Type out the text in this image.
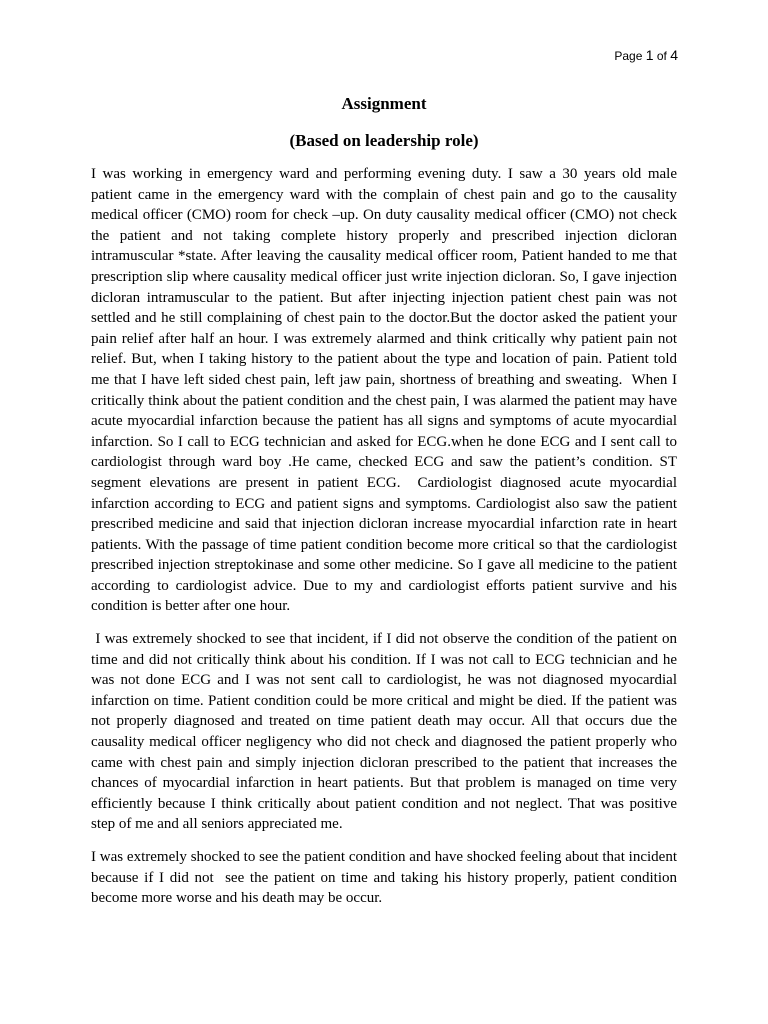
Page 1 of 4
Assignment
(Based on leadership role)

I was working in emergency ward and performing evening duty. I saw a 30 years old male patient came in the emergency ward with the complain of chest pain and go to the causality medical officer (CMO) room for check –up. On duty causality medical officer (CMO) not check the patient and not taking complete history properly and prescribed injection dicloran intramuscular *state. After leaving the causality medical officer room, Patient handed to me that prescription slip where causality medical officer just write injection dicloran. So, I gave injection dicloran intramuscular to the patient. But after injecting injection patient chest pain was not settled and he still complaining of chest pain to the doctor.But the doctor asked the patient your pain relief after half an hour. I was extremely alarmed and think critically why patient pain not relief. But, when I taking history to the patient about the type and location of pain. Patient told me that I have left sided chest pain, left jaw pain, shortness of breathing and sweating.  When I critically think about the patient condition and the chest pain, I was alarmed the patient may have acute myocardial infarction because the patient has all signs and symptoms of acute myocardial infarction. So I call to ECG technician and asked for ECG.when he done ECG and I sent call to cardiologist through ward boy .He came, checked ECG and saw the patient’s condition. ST segment elevations are present in patient ECG.  Cardiologist diagnosed acute myocardial infarction according to ECG and patient signs and symptoms. Cardiologist also saw the patient prescribed medicine and said that injection dicloran increase myocardial infarction rate in heart patients. With the passage of time patient condition become more critical so that the cardiologist prescribed injection streptokinase and some other medicine. So I gave all medicine to the patient according to cardiologist advice. Due to my and cardiologist efforts patient survive and his condition is better after one hour.

I was extremely shocked to see that incident, if I did not observe the condition of the patient on time and did not critically think about his condition. If I was not call to ECG technician and he was not done ECG and I was not sent call to cardiologist, he was not diagnosed myocardial infarction on time. Patient condition could be more critical and might be died. If the patient was not properly diagnosed and treated on time patient death may occur. All that occurs due the causality medical officer negligency who did not check and diagnosed the patient properly who came with chest pain and simply injection dicloran prescribed to the patient that increases the chances of myocardial infarction in heart patients. But that problem is managed on time very efficiently because I think critically about patient condition and not neglect. That was positive step of me and all seniors appreciated me.

I was extremely shocked to see the patient condition and have shocked feeling about that incident because if I did not  see the patient on time and taking his history properly, patient condition become more worse and his death may be occur.
